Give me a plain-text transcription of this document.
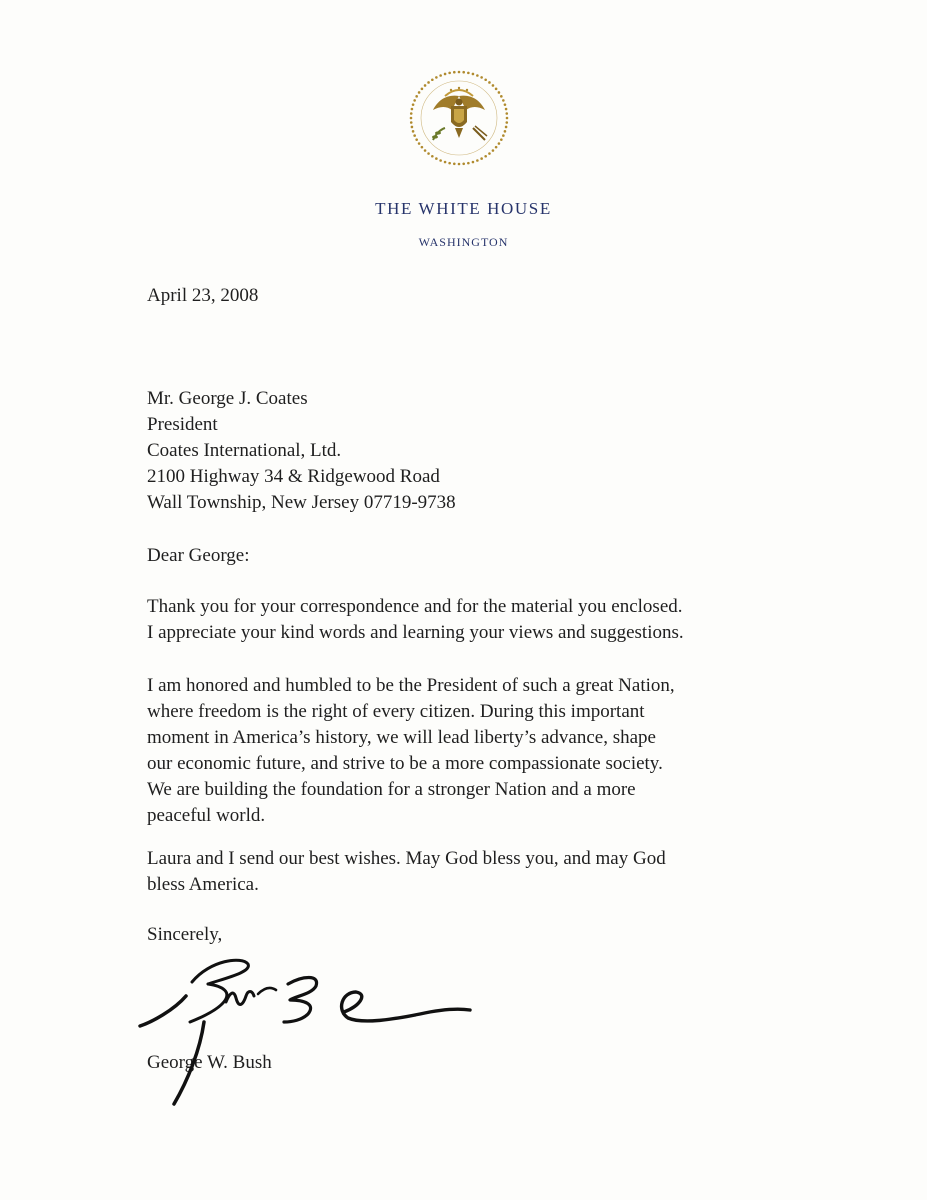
THE WHITE HOUSE
WASHINGTON
April 23, 2008
Mr. George J. Coates
President
Coates International, Ltd.
2100 Highway 34 & Ridgewood Road
Wall Township, New Jersey 07719-9738
Dear George:
Thank you for your correspondence and for the material you enclosed.
I appreciate your kind words and learning your views and suggestions.
I am honored and humbled to be the President of such a great Nation,
where freedom is the right of every citizen. During this important
moment in America’s history, we will lead liberty’s advance, shape
our economic future, and strive to be a more compassionate society.
We are building the foundation for a stronger Nation and a more
peaceful world.
Laura and I send our best wishes. May God bless you, and may God
bless America.
Sincerely,
George W. Bush
